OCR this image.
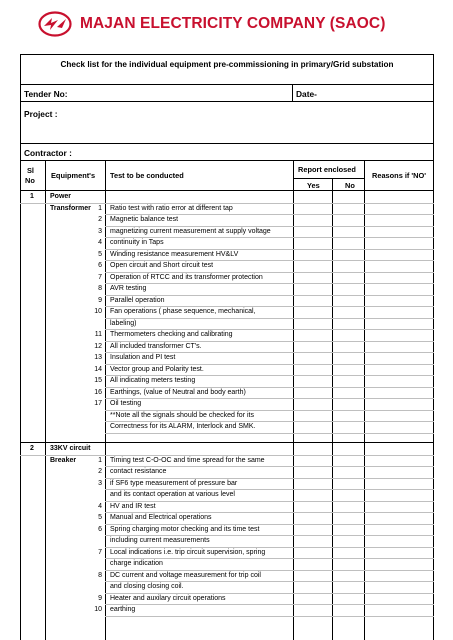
MAJAN ELECTRICITY COMPANY (SAOC)
Check list for the individual equipment pre-commissioning in primary/Grid substation
Tender No:	Date-
Project :
Contractor :
Sl
No
Equipment's Test to be conducted
Report enclosed
Yes	No
Reasons if 'NO'
1 Power
Transformer	1 Ratio test with ratio error at different tap
2 Magnetic balance test
3 magnetizing current measurement at supply voltage
4 continuity in Taps
5 Winding resistance measurement HV&LV
6 Open circuit and Short circuit test
7 Operation of RTCC and its transformer protection
8 AVR testing
9 Parallel operation
10 Fan operations ( phase sequence, mechanical,
labeling)
11 Thermometers checking and calibrating
12 All included transformer CT's.
13 Insulation and PI test
14 Vector group and Polarity test.
15 All indicating meters testing
16 Earthings, (value of Neutral and body earth)
17 Oil testing
**Note all the signals should be checked for its
Correctness for its ALARM, Interlock and SMK.
2 33KV circuit
Breaker	1 Timing test C-O-OC and time spread for the same
2 contact resistance
3 if SF6 type measurement of pressure bar
and its contact operation at various level
4 HV and IR test
5 Manual and Electrical operations
6 Spring charging motor checking and its time test
including current measurements
7 Local indications i.e. trip circuit supervision, spring
charge indication
8 DC current and voltage measurement for trip coil
and closing closing coil.
9 Heater and auxilary circuit operations
10 earthing
